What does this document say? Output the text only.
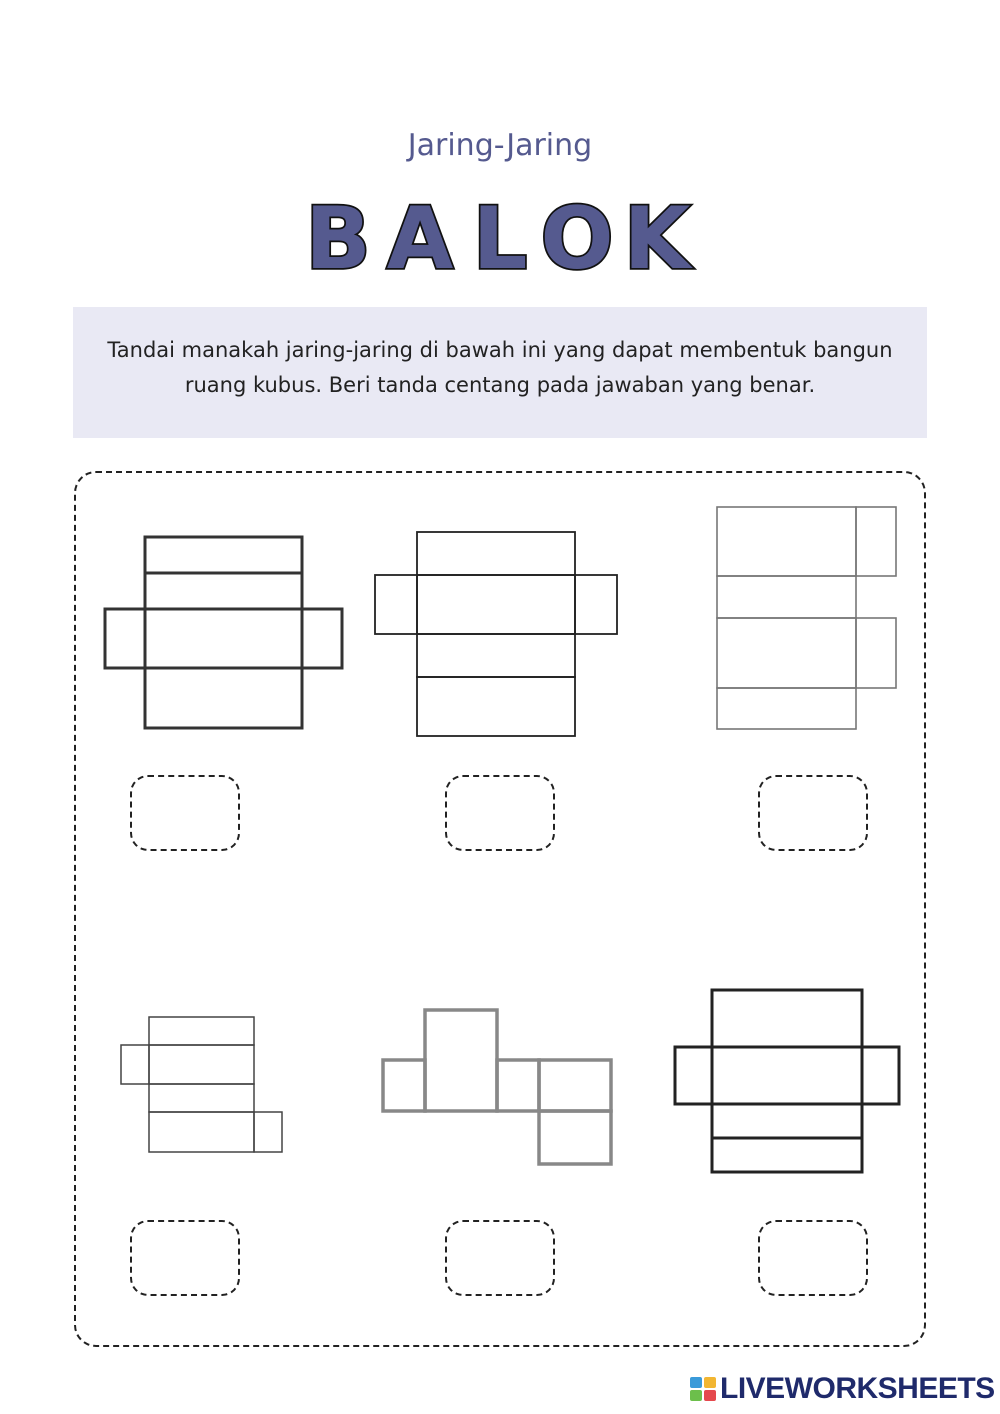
Jaring-Jaring
B A L O K
Tandai manakah jaring-jaring di bawah ini yang dapat membentuk bangun ruang kubus. Beri tanda centang pada jawaban yang benar.
LIVEWORKSHEETS
